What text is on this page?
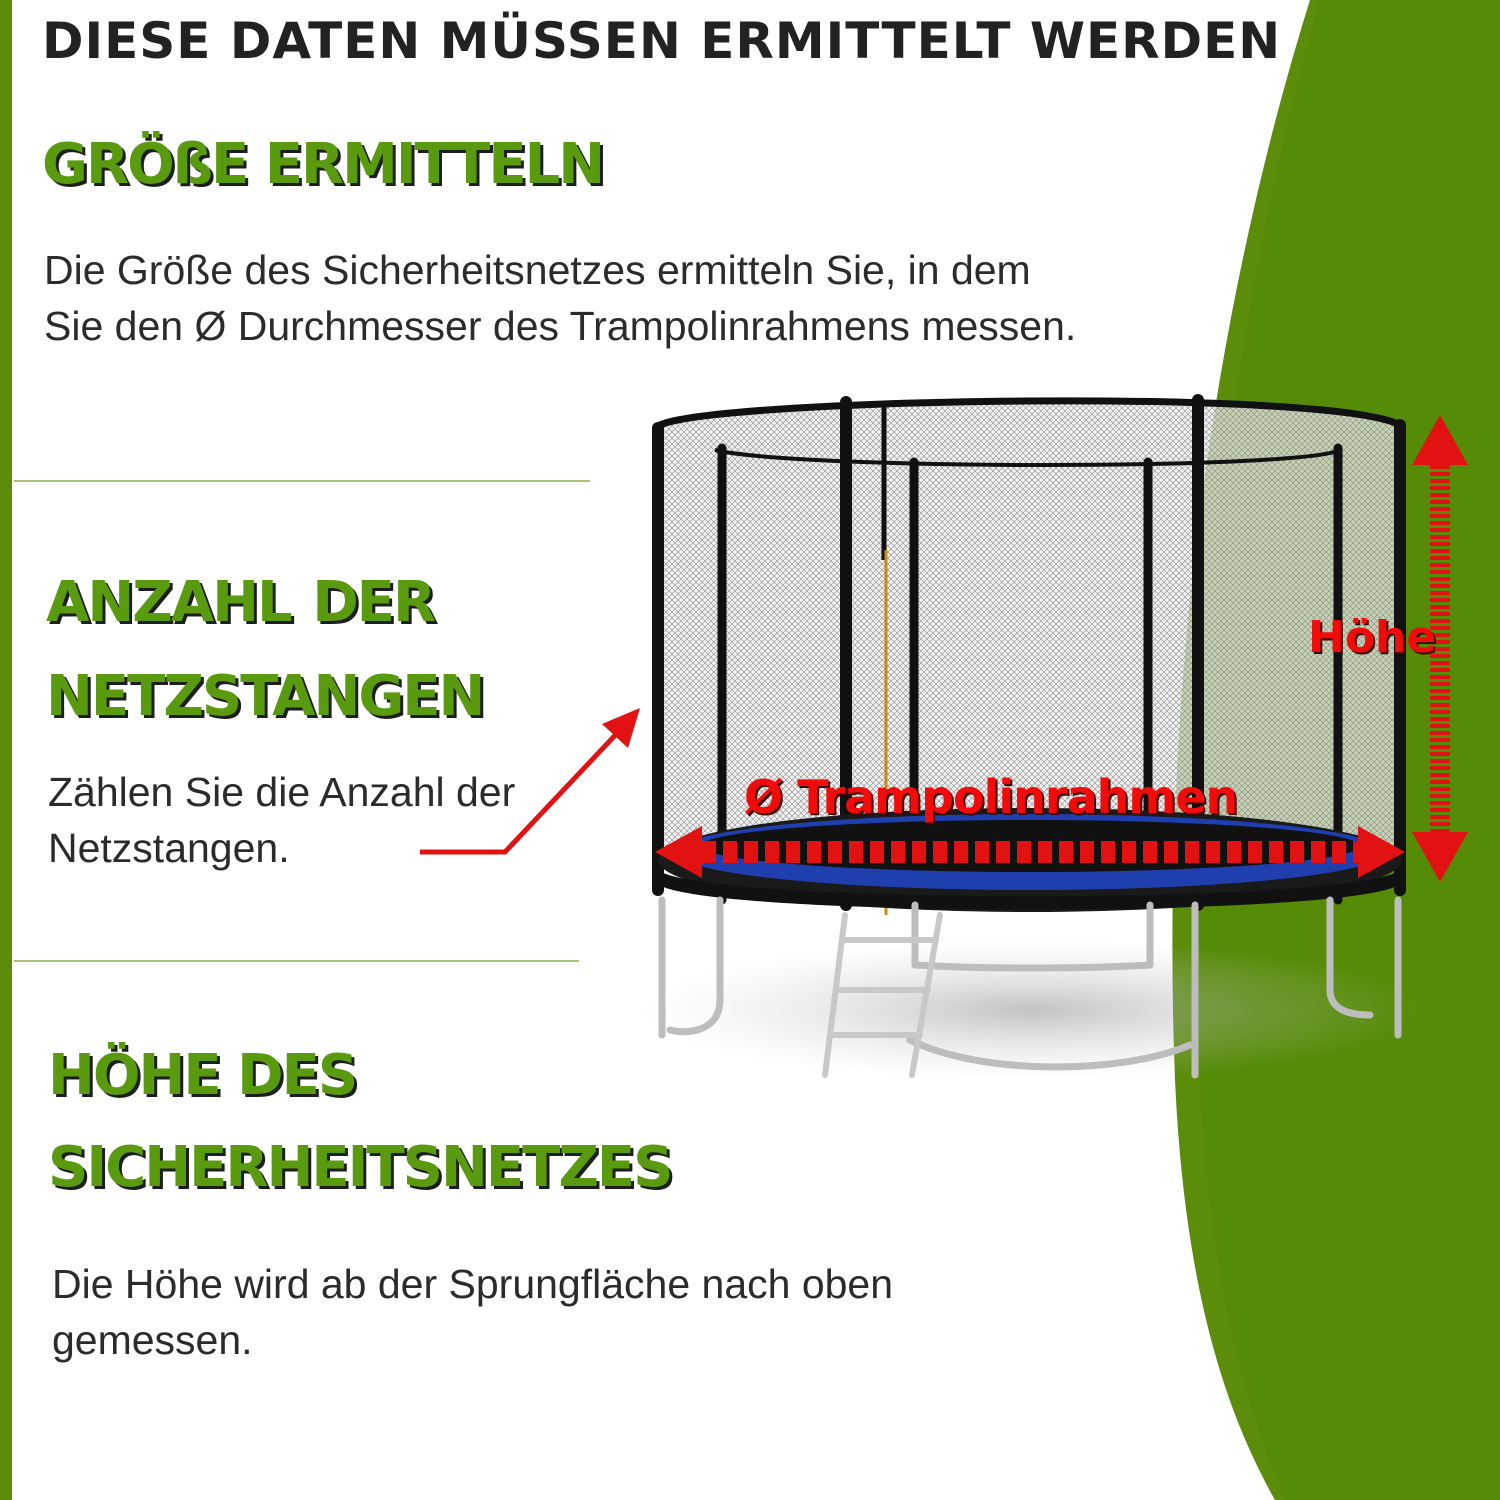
DIESE DATEN MÜSSEN ERMITTELT WERDEN
GRÖßE ERMITTELN

Die Größe des Sicherheitsnetzes ermitteln Sie, in dem Sie den Ø Durchmesser des Trampolinrahmens messen.

ANZAHL DER NETZSTANGEN

Zählen Sie die Anzahl der Netzstangen.

HÖHE DES SICHERHEITSNETZES

Die Höhe wird ab der Sprungfläche nach oben gemessen.

Höhe
Ø Trampolinrahmen
